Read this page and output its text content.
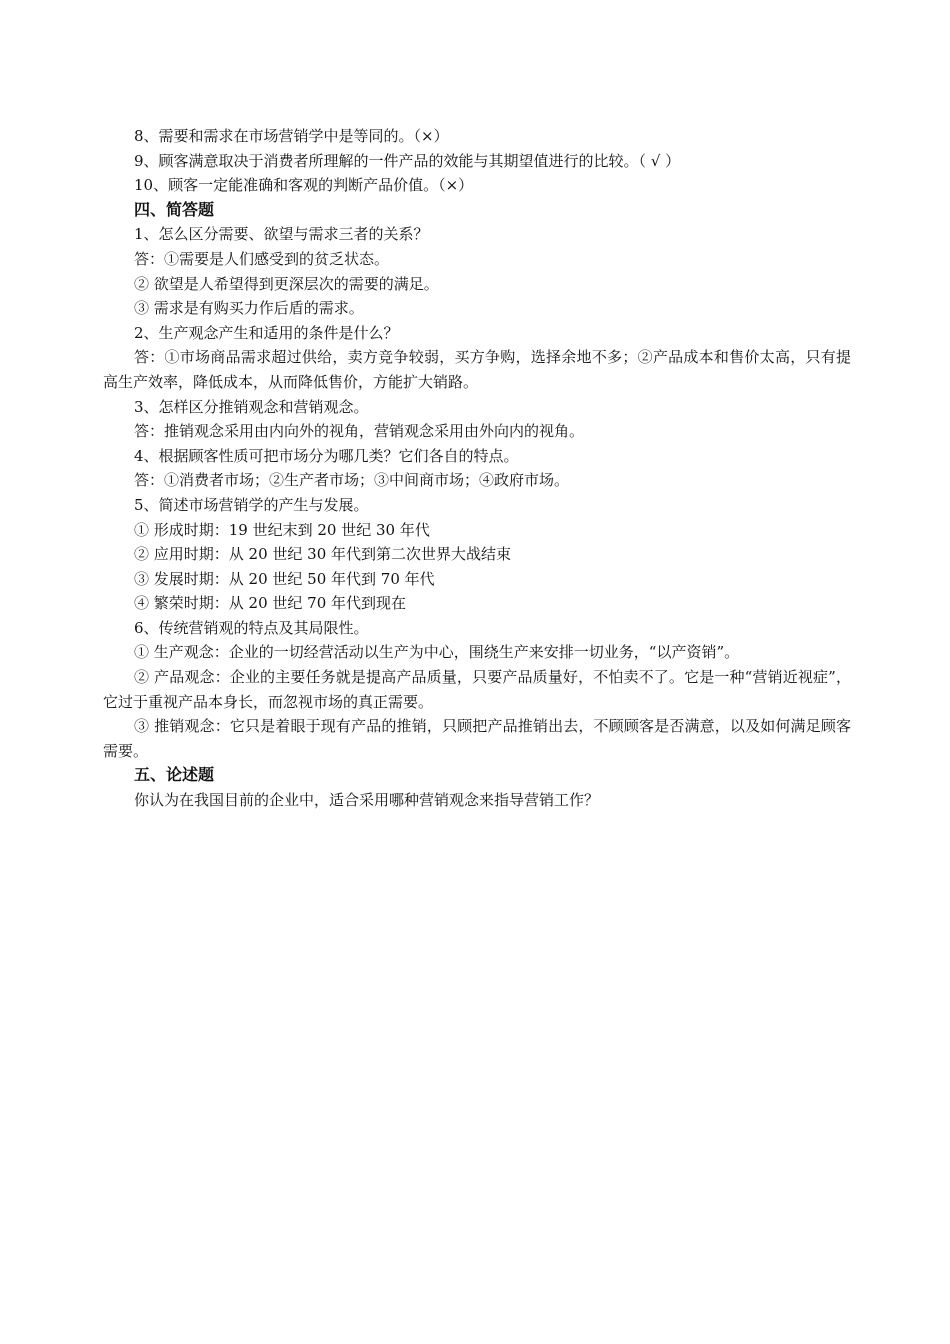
8、需要和需求在市场营销学中是等同的。（×）
9、顾客满意取决于消费者所理解的一件产品的效能与其期望值进行的比较。（ √ ）
10、顾客一定能准确和客观的判断产品价值。（×）
四、简答题
1、怎么区分需要、欲望与需求三者的关系？
答：①需要是人们感受到的贫乏状态。
② 欲望是人希望得到更深层次的需要的满足。
③ 需求是有购买力作后盾的需求。
2、生产观念产生和适用的条件是什么？
答：①市场商品需求超过供给，卖方竞争较弱，买方争购，选择余地不多；②产品成本和售价太高，只有提高生产效率，降低成本，从而降低售价，方能扩大销路。
3、怎样区分推销观念和营销观念。
答：推销观念采用由内向外的视角，营销观念采用由外向内的视角。
4、根据顾客性质可把市场分为哪几类？它们各自的特点。
答：①消费者市场；②生产者市场；③中间商市场；④政府市场。
5、简述市场营销学的产生与发展。
① 形成时期：19 世纪末到 20 世纪 30 年代
② 应用时期：从 20 世纪 30 年代到第二次世界大战结束
③ 发展时期：从 20 世纪 50 年代到 70 年代
④ 繁荣时期：从 20 世纪 70 年代到现在
6、传统营销观的特点及其局限性。
① 生产观念：企业的一切经营活动以生产为中心，围绕生产来安排一切业务，“以产资销”。
② 产品观念：企业的主要任务就是提高产品质量，只要产品质量好，不怕卖不了。它是一种“营销近视症”，它过于重视产品本身长，而忽视市场的真正需要。
③ 推销观念：它只是着眼于现有产品的推销，只顾把产品推销出去，不顾顾客是否满意，以及如何满足顾客需要。
五、论述题
你认为在我国目前的企业中，适合采用哪种营销观念来指导营销工作？
